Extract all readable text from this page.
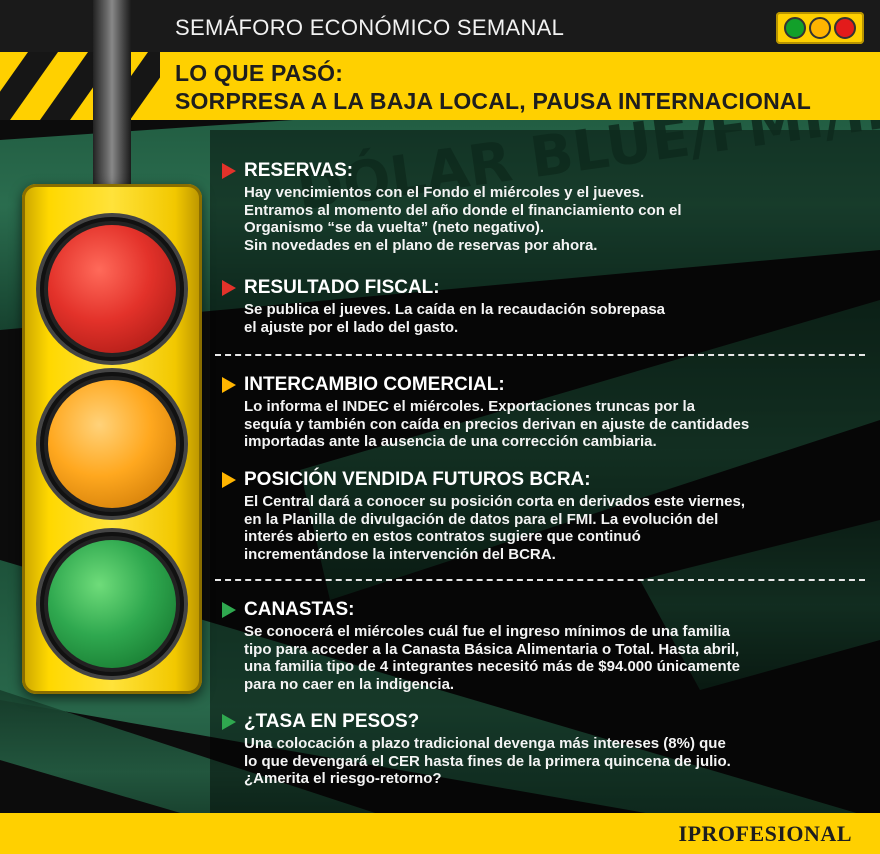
SEMÁFORO ECONÓMICO SEMANAL
LO QUE PASÓ:
SORPRESA A LA BAJA LOCAL, PAUSA INTERNACIONAL
RESERVAS:
Hay vencimientos con el Fondo el miércoles y el jueves.
Entramos al momento del año donde el financiamiento con el
Organismo “se da vuelta” (neto negativo).
Sin novedades en el plano de reservas por ahora.
RESULTADO FISCAL:
Se publica el jueves. La caída en la recaudación sobrepasa
el ajuste por el lado del gasto.
INTERCAMBIO COMERCIAL:
Lo informa el INDEC el miércoles. Exportaciones truncas por la
sequía y también con caída en precios derivan en ajuste de cantidades
importadas ante la ausencia de una corrección cambiaria.
POSICIÓN VENDIDA FUTUROS BCRA:
El Central dará a conocer su posición corta en derivados este viernes,
en la Planilla de divulgación de datos para el FMI. La evolución del
interés abierto en estos contratos sugiere que continuó
incrementándose la intervención del BCRA.
CANASTAS:
Se conocerá el miércoles cuál fue el ingreso mínimos de una familia
tipo para acceder a la Canasta Básica Alimentaria o Total. Hasta abril,
una familia tipo de 4 integrantes necesitó más de $94.000 únicamente
para no caer en la indigencia.
¿TASA EN PESOS?
Una colocación a plazo tradicional devenga más intereses (8%) que
lo que devengará el CER hasta fines de la primera quincena de julio.
¿Amerita el riesgo-retorno?
IPROFESIONAL
